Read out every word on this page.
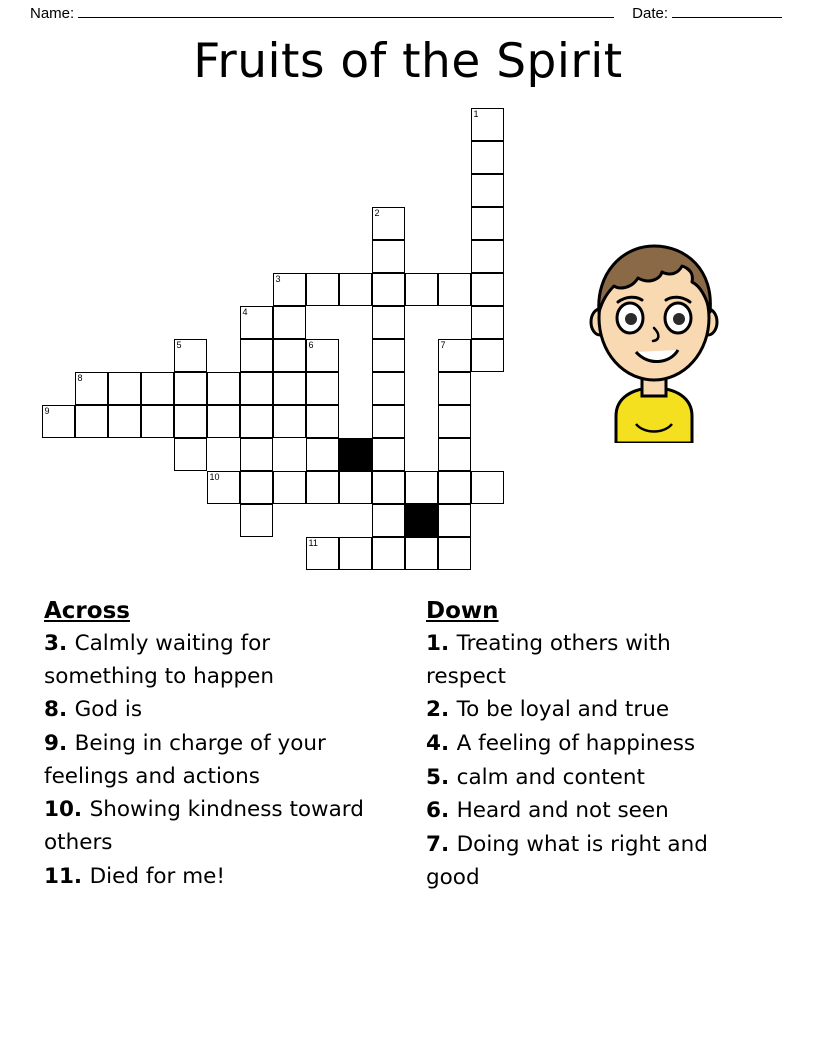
Name:	Date:
Fruits of the Spirit
1
2
3
4
5	6	7
8
9
10
11
Across
3. Calmly waiting for something to happen
8. God is
9. Being in charge of your feelings and actions
10. Showing kindness toward others
11. Died for me!
Down
1. Treating others with respect
2. To be loyal and true
4. A feeling of happiness
5. calm and content
6. Heard and not seen
7. Doing what is right and good
